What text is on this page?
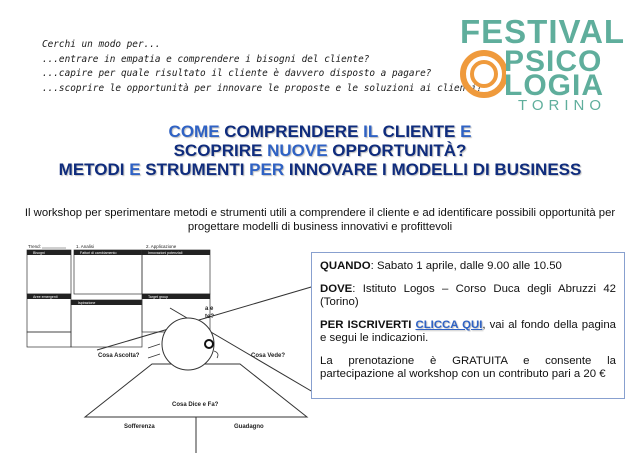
Cerchi un modo per...
...entrare in empatia e comprendere i bisogni del cliente?
...capire per quale risultato il cliente è davvero disposto a pagare?
...scoprire le opportunità per innovare le proposte e le soluzioni ai clienti?
FESTIVAL
PSICO
LOGIA
TORINO
COME COMPRENDERE IL CLIENTE E
SCOPRIRE NUOVE OPPORTUNITÀ?
METODI E STRUMENTI PER INNOVARE I MODELLI DI BUSINESS
Il workshop per sperimentare metodi e strumenti utili a comprendere il cliente e ad identificare possibili opportunità per progettare modelli di business innovativi e profittevoli
Trend:	1. Analisi	2. Applicazione
Bisogni	Fattori di cambiamento	Innovazioni potenziali
Aree emergenti
Ispirazione
Target group
a e
te?
Cosa Ascolta?	Cosa Vede?
Cosa Dice e Fa?
Sofferenza	Guadagno

QUANDO: Sabato 1 aprile, dalle 9.00 alle 10.50

DOVE: Istituto Logos – Corso Duca degli Abruzzi 42 (Torino)

PER ISCRIVERTI CLICCA QUI, vai al fondo della pagina e segui le indicazioni.

La prenotazione è GRATUITA e consente la partecipazione al workshop con un contributo pari a 20 €
